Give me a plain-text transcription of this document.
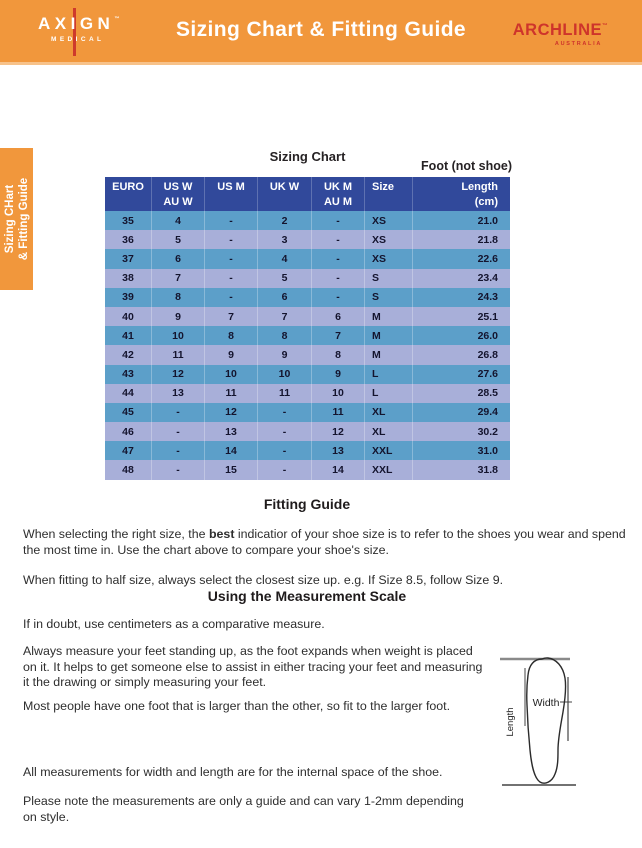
AXIGN™
MEDICAL	Sizing Chart & Fitting Guide	ARCHLINE™
AUSTRALIA
Sizing CHart & Fitting Guide
Sizing Chart
Foot (not shoe)
EURO	US W
AU W
US M	UK W	UK M
AU M
Size	Length
(cm)
35	4	-	2	-	XS	21.0
36	5	-	3	-	XS	21.8
37	6	-	4	-	XS	22.6
38	7	-	5	-	S	23.4
39	8	-	6	-	S	24.3
40	9	7	7	6	M	25.1
41	10	8	8	7	M	26.0
42	11	9	9	8	M	26.8
43	12	10	10	9	L	27.6
44	13	11	11	10	L	28.5
45	-	12	-	11	XL	29.4
46	-	13	-	12	XL	30.2
47	-	14	-	13	XXL	31.0
48	-	15	-	14	XXL	31.8
Fitting Guide
When selecting the right size, the best indicatior of your shoe size is to refer to the shoes you wear and spend
the most time in. Use the chart above to compare your shoe's size.
When fitting to half size, always select the closest size up. e.g. If Size 8.5, follow Size 9.
Using the Measurement Scale
If in doubt, use centimeters as a comparative measure.
Always measure your feet standing up, as the foot expands when weight is placed
on it. It helps to get someone else to assist in either tracing your feet and measuring
it the drawing or simply measuring your feet.
Most people have one foot that is larger than the other, so fit to the larger foot.
All measurements for width and length are for the internal space of the shoe.
Please note the measurements are only a guide and can vary 1-2mm depending
on style.
Width
Length
